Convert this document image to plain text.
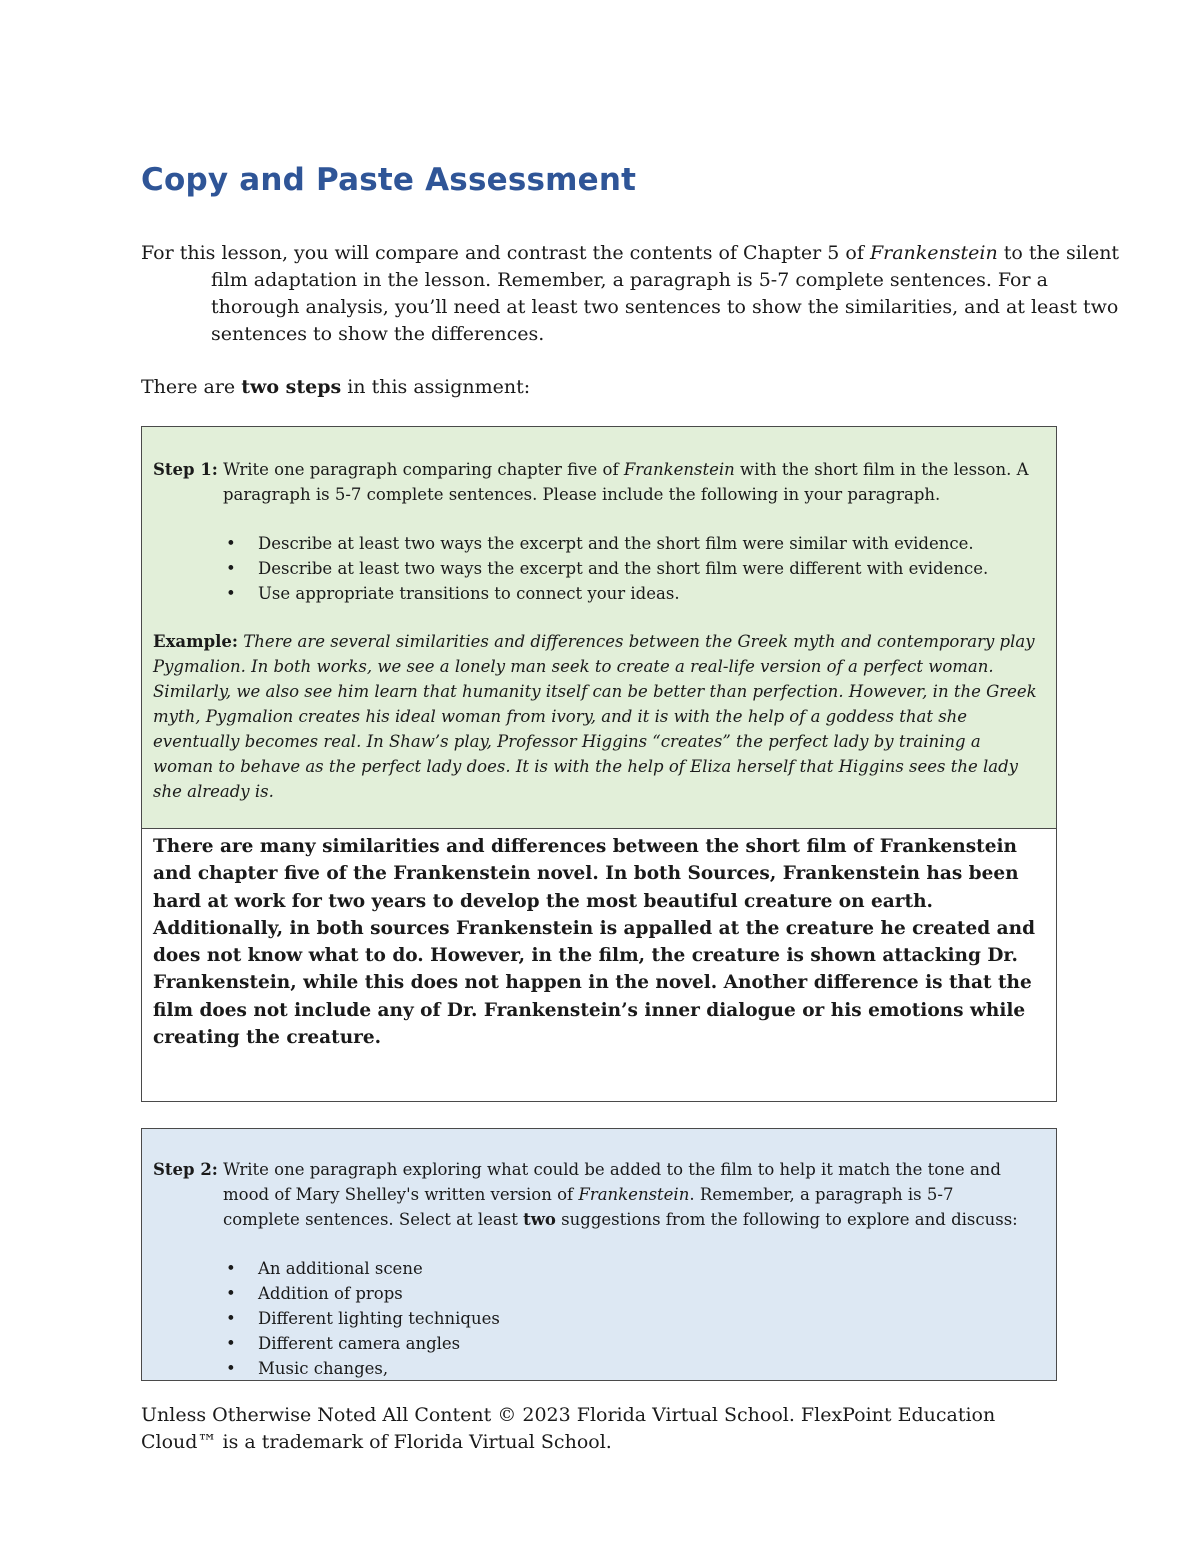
Copy and Paste Assessment
For this lesson, you will compare and contrast the contents of Chapter 5 of Frankenstein to the silent film adaptation in the lesson. Remember, a paragraph is 5-7 complete sentences. For a thorough analysis, you’ll need at least two sentences to show the similarities, and at least two sentences to show the differences.
There are two steps in this assignment:
Step 1: Write one paragraph comparing chapter five of Frankenstein with the short film in the lesson. A paragraph is 5-7 complete sentences. Please include the following in your paragraph.
• Describe at least two ways the excerpt and the short film were similar with evidence.
• Describe at least two ways the excerpt and the short film were different with evidence.
• Use appropriate transitions to connect your ideas.
Example: There are several similarities and differences between the Greek myth and contemporary play Pygmalion. In both works, we see a lonely man seek to create a real-life version of a perfect woman. Similarly, we also see him learn that humanity itself can be better than perfection. However, in the Greek myth, Pygmalion creates his ideal woman from ivory, and it is with the help of a goddess that she eventually becomes real. In Shaw’s play, Professor Higgins “creates” the perfect lady by training a woman to behave as the perfect lady does. It is with the help of Eliza herself that Higgins sees the lady she already is.
There are many similarities and differences between the short film of Frankenstein and chapter five of the Frankenstein novel. In both Sources, Frankenstein has been hard at work for two years to develop the most beautiful creature on earth. Additionally, in both sources Frankenstein is appalled at the creature he created and does not know what to do. However, in the film, the creature is shown attacking Dr. Frankenstein, while this does not happen in the novel. Another difference is that the film does not include any of Dr. Frankenstein’s inner dialogue or his emotions while creating the creature.
Step 2: Write one paragraph exploring what could be added to the film to help it match the tone and mood of Mary Shelley's written version of Frankenstein. Remember, a paragraph is 5-7 complete sentences. Select at least two suggestions from the following to explore and discuss:
• An additional scene
• Addition of props
• Different lighting techniques
• Different camera angles
• Music changes,
Unless Otherwise Noted All Content © 2023 Florida Virtual School. FlexPoint Education Cloud™ is a trademark of Florida Virtual School.
